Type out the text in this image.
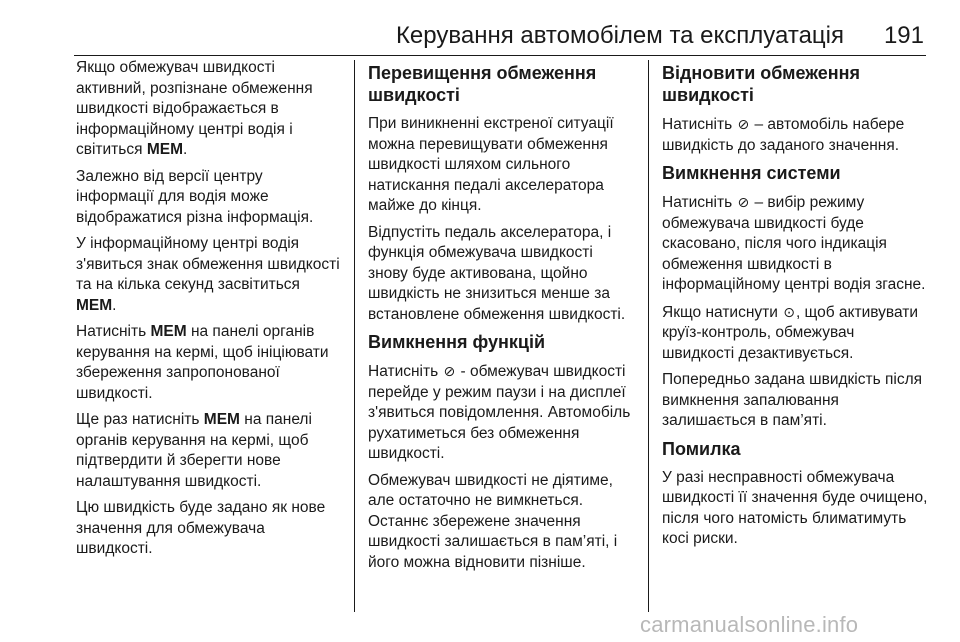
Керування автомобілем та експлуатація 191

Якщо обмежувач швидкості активний, розпізнане обмеження швидкості відображається в інформаційному центрі водія і світиться MEM.

Залежно від версії центру інформації для водія може відображатися різна інформація.

У інформаційному центрі водія з'явиться знак обмеження швидкості та на кілька секунд засвітиться MEM.

Натисніть MEM на панелі органів керування на кермі, щоб ініціювати збереження запропонованої швидкості.

Ще раз натисніть MEM на панелі органів керування на кермі, щоб підтвердити й зберегти нове налаштування швидкості.

Цю швидкість буде задано як нове значення для обмежувача швидкості.

Перевищення обмеження швидкості

При виникненні екстреної ситуації можна перевищувати обмеження швидкості шляхом сильного натискання педалі акселератора майже до кінця.

Відпустіть педаль акселератора, і функція обмежувача швидкості знову буде активована, щойно швидкість не знизиться менше за встановлене обмеження швидкості.

Вимкнення функцій

Натисніть ⊘ - обмежувач швидкості перейде у режим паузи і на дисплеї з'явиться повідомлення. Автомобіль рухатиметься без обмеження швидкості.

Обмежувач швидкості не діятиме, але остаточно не вимкнеться. Останнє збережене значення швидкості залишається в пам’яті, і його можна відновити пізніше.

Відновити обмеження швидкості

Натисніть ⊘ – автомобіль набере швидкість до заданого значення.

Вимкнення системи

Натисніть ⊘ – вибір режиму обмежувача швидкості буде скасовано, після чого індикація обмеження швидкості в інформаційному центрі водія згасне.

Якщо натиснути ⊙, щоб активувати круїз-контроль, обмежувач швидкості дезактивується.

Попередньо задана швидкість після вимкнення запалювання залишається в пам’яті.

Помилка

У разі несправності обмежувача швидкості її значення буде очищено, після чого натомість блиматимуть косі риски.

carmanualsonline.info
